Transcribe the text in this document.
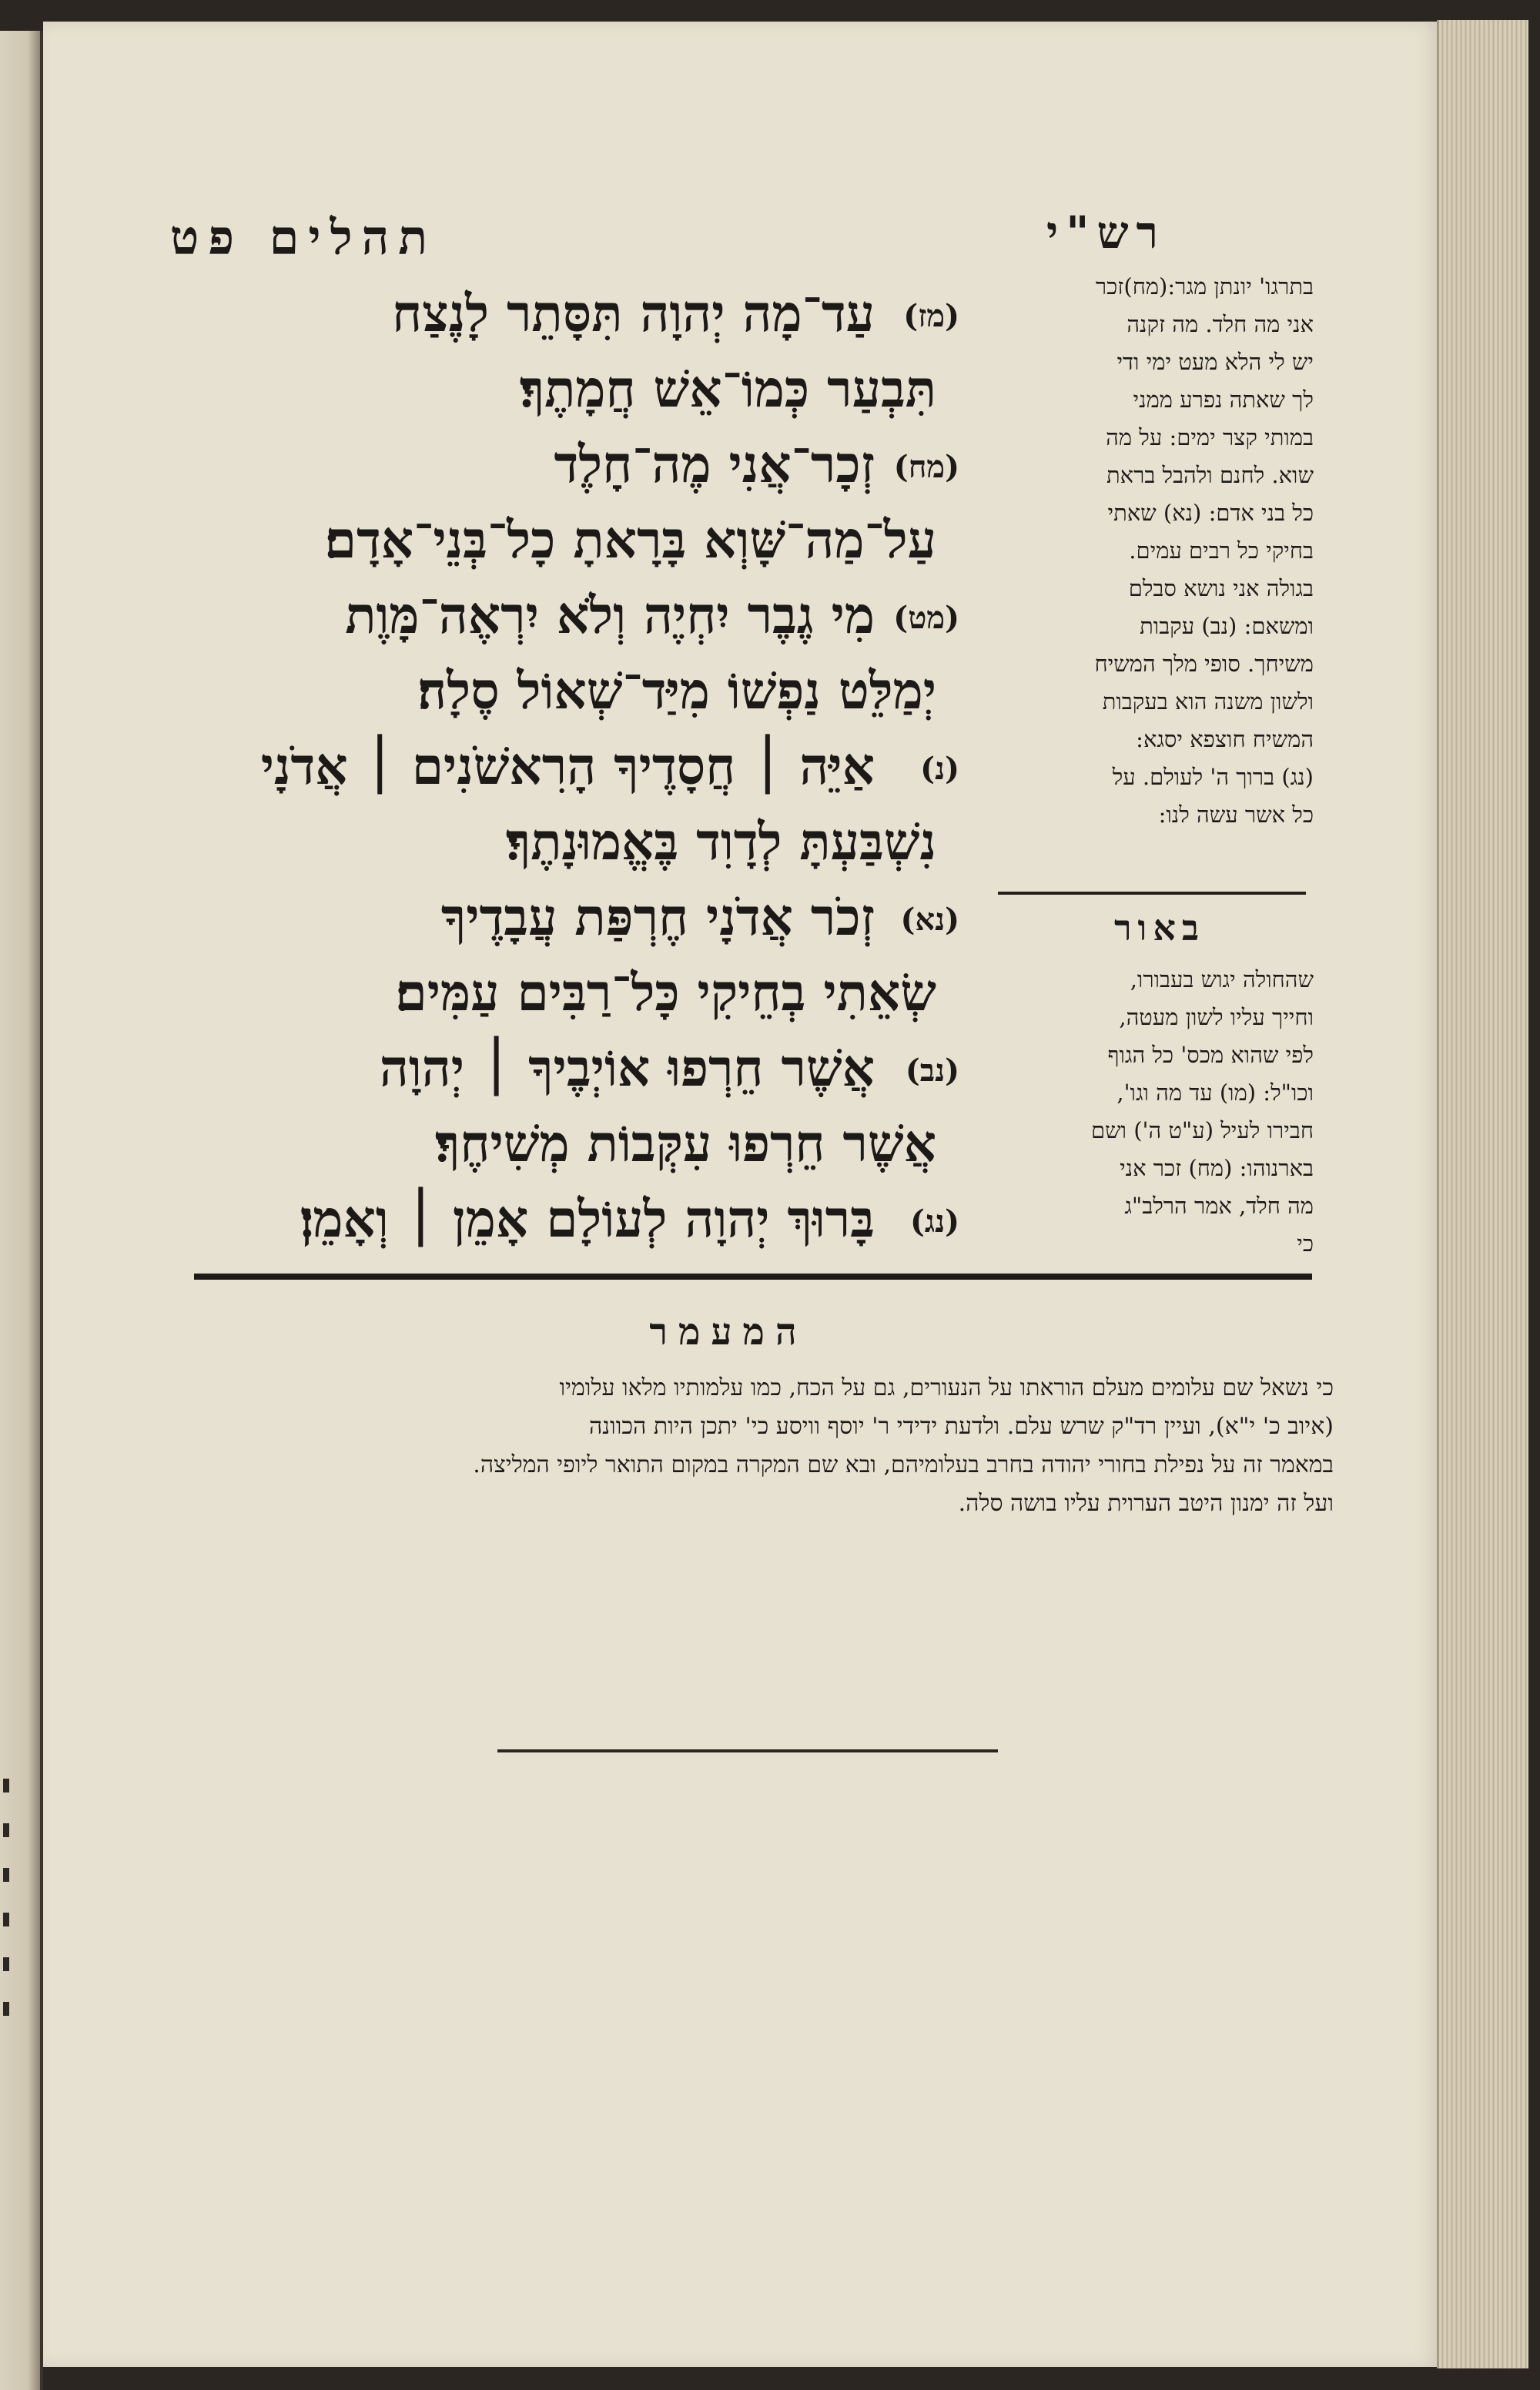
תהלים פט	רש"י
(מז)
עַד־מָה יְהוָה תִּסָּתֵר לָנֶצַח
תִּבְעַר כְּמוֹ־אֵשׁ חֲמָתֶךָ׃
(מח)
זְכָר־אֲנִי מֶה־חָלֶד
עַל־מַה־שָּׁוְא בָּרָאתָ כָל־בְּנֵי־אָדָם׃
(מט)
מִי גֶבֶר יִחְיֶה וְלֹא יִרְאֶה־מָּוֶת
יְמַלֵּט נַפְשׁוֹ מִיַּד־שְׁאוֹל סֶלָה׃
(נ)
אַיֵּה ׀ חֲסָדֶיךָ הָרִאשֹׁנִים ׀ אֲדֹנָי
נִשְׁבַּעְתָּ לְדָוִד בֶּאֱמוּנָתֶךָ׃
(נא)
זְכֹר אֲדֹנָי חֶרְפַּת עֲבָדֶיךָ
שְׂאֵתִי בְחֵיקִי כָּל־רַבִּים עַמִּים׃
(נב)
אֲשֶׁר חֵרְפוּ אוֹיְבֶיךָ ׀ יְהוָה
אֲשֶׁר חֵרְפוּ עִקְּבוֹת מְשִׁיחֶךָ׃
(נג)
בָּרוּךְ יְהוָה לְעוֹלָם אָמֵן ׀ וְאָמֵן׃
בתרגו' יונתן מגר:(מח)זכר
אני מה חלד. מה זקנה
יש לי הלא מעט ימי ודי
לך שאתה נפרע ממני
במותי קצר ימים: על מה
שוא. לחנם ולהבל בראת
כל בני אדם: (נא) שאתי
בחיקי כל רבים עמים.
בגולה אני נושא סבלם
ומשאם: (נב) עקבות
משיחך. סופי מלך המשיח
ולשון משנה הוא בעקבות
המשיח חוצפא יסגא:
(נג) ברוך ה' לעולם. על
כל אשר עשה לנו:
באור
שהחולה יגוש בעבורו,
וחייך עליו לשון מעטה,
לפי שהוא מכס' כל הגוף
וכו"ל: (מו) עד מה וגו',
חבירו לעיל (ע"ט ה') ושם
בארנוהו: (מח) זכר אני
מה חלד, אמר הרלב"ג
כי
המעמר
כי נשאל שם עלומים מעלם הוראתו על הנעורים, גם על הכח, כמו עלמותיו מלאו עלומיו
(איוב כ' י"א), ועיין רד"ק שרש עלם. ולדעת ידידי ר' יוסף וויסע כי' יתכן היות הכוונה
במאמר זה על נפילת בחורי יהודה בחרב בעלומיהם, ובא שם המקרה במקום התואר ליופי המליצה.
ועל זה ימנון היטב הערוית עליו בושה סלה.
